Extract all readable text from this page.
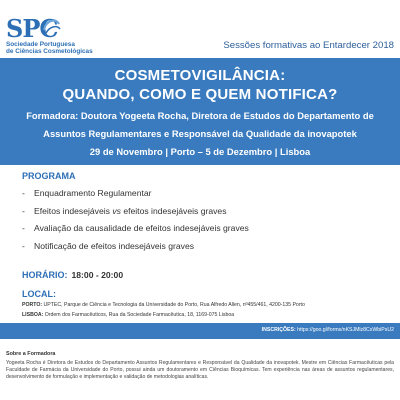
SPC
Sociedade Portuguesa
de Ciências Cosmetológicas
Sessões formativas ao Entardecer 2018
COSMETOVIGILÂNCIA:
QUANDO, COMO E QUEM NOTIFICA?
Formadora: Doutora Yogeeta Rocha, Diretora de Estudos do Departamento de
Assuntos Regulamentares e Responsável da Qualidade da inovapotek
29 de Novembro | Porto – 5 de Dezembro | Lisboa
PROGRAMA
-	Enquadramento Regulamentar
-	Efeitos indesejáveis vs efeitos indesejáveis graves
-	Avaliação da causalidade de efeitos indesejáveis graves
-	Notificação de efeitos indesejáveis graves
HORÁRIO: 18:00 - 20:00
LOCAL:
PORTO: UPTEC, Parque de Ciência e Tecnologia da Universidade do Porto, Rua Alfredo Allen, nº455/461, 4200-135 Porto
LISBOA: Ordem dos Farmacêuticos, Rua da Sociedade Farmacêutica, 18, 1169-075 Lisboa
INSCRIÇÕES: https://goo.gl/forms/nKSJMlz8CxWbiPsU2
Sobre a Formadora
Yogeeta Rocha é Diretora de Estudos do Departamento Assuntos Regulamentares e Responsável da Qualidade da inovapotek. Mestre em Ciências Farmacêuticas pela Faculdade de Farmácia da Universidade do Porto, possui ainda um doutoramento em Ciências Bioquímicas. Tem experiência nas áreas de assuntos regulamentares, desenvolvimento de formulação e implementação e validação de metodologias analíticas.
